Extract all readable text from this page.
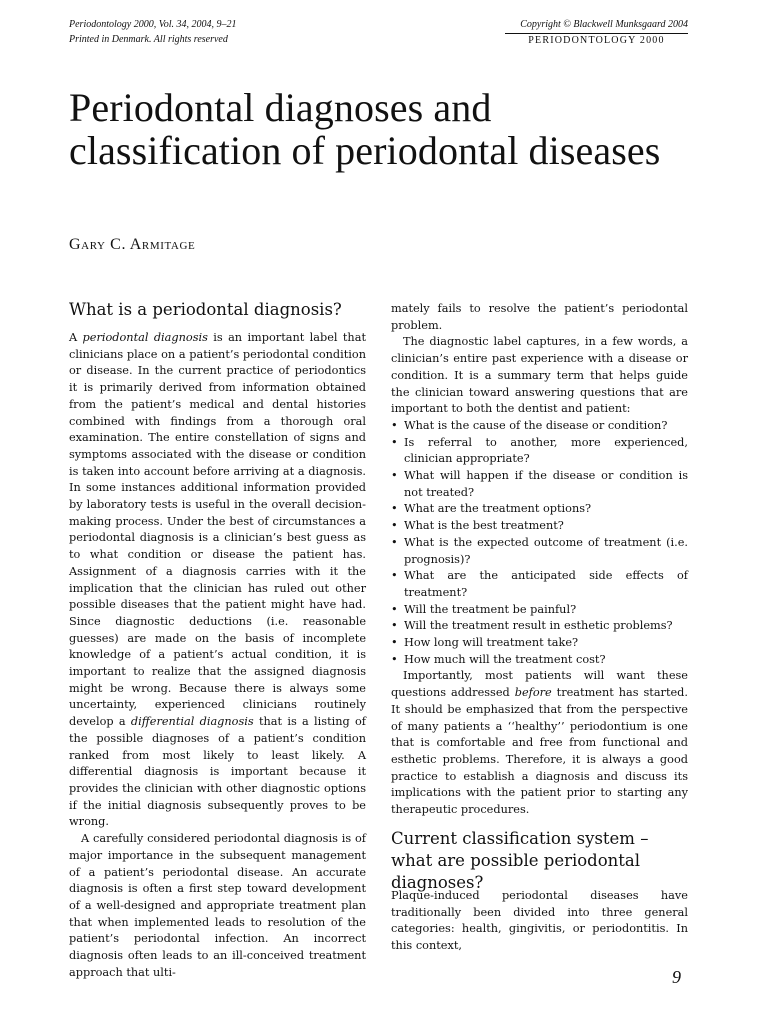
Periodontology 2000, Vol. 34, 2004, 9–21
Printed in Denmark. All rights reserved
Copyright © Blackwell Munksgaard 2004
PERIODONTOLOGY 2000
Periodontal diagnoses and classification of periodontal diseases
Gary C. Armitage
What is a periodontal diagnosis?

A periodontal diagnosis is an important label that clinicians place on a patient’s periodontal condition or disease. In the current practice of periodontics it is primarily derived from information obtained from the patient’s medical and dental histories combined with findings from a thorough oral examination. The entire constellation of signs and symptoms associated with the disease or condition is taken into account before arriving at a diagnosis. In some instances additional information provided by laboratory tests is useful in the overall decision-making process. Under the best of circumstances a periodontal diagnosis is a clinician’s best guess as to what condition or disease the patient has. Assignment of a diagnosis carries with it the implication that the clinician has ruled out other possible diseases that the patient might have had. Since diagnostic deductions (i.e. reasonable guesses) are made on the basis of incomplete knowledge of a patient’s actual condition, it is important to realize that the assigned diagnosis might be wrong. Because there is always some uncertainty, experienced clinicians routinely develop a differential diagnosis that is a listing of the possible diagnoses of a patient’s condition ranked from most likely to least likely. A differential diagnosis is important because it provides the clinician with other diagnostic options if the initial diagnosis subsequently proves to be wrong.

A carefully considered periodontal diagnosis is of major importance in the subsequent management of a patient’s periodontal disease. An accurate diagnosis is often a first step toward development of a well-designed and appropriate treatment plan that when implemented leads to resolution of the patient’s periodontal infection. An incorrect diagnosis often leads to an ill-conceived treatment approach that ulti-

mately fails to resolve the patient’s periodontal problem.

The diagnostic label captures, in a few words, a clinician’s entire past experience with a disease or condition. It is a summary term that helps guide the clinician toward answering questions that are important to both the dentist and patient:

• What is the cause of the disease or condition?
• Is referral to another, more experienced, clinician appropriate?
• What will happen if the disease or condition is not treated?
• What are the treatment options?
• What is the best treatment?
• What is the expected outcome of treatment (i.e. prognosis)?
• What are the anticipated side effects of treatment?
• Will the treatment be painful?
• Will the treatment result in esthetic problems?
• How long will treatment take?
• How much will the treatment cost?

Importantly, most patients will want these questions addressed before treatment has started. It should be emphasized that from the perspective of many patients a ‘‘healthy’’ periodontium is one that is comfortable and free from functional and esthetic problems. Therefore, it is always a good practice to establish a diagnosis and discuss its implications with the patient prior to starting any therapeutic procedures.

Current classification system – what are possible periodontal diagnoses?

Plaque-induced periodontal diseases have traditionally been divided into three general categories: health, gingivitis, or periodontitis. In this context,

9
